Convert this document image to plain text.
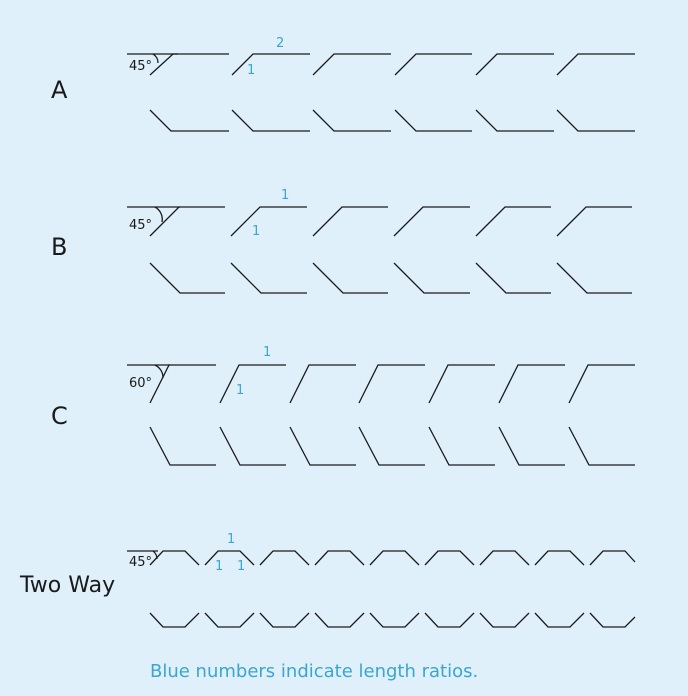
45°
2
1
45°
1
1
60°
1
1
45°
1
1 1
A
B
C
Two Way
Blue numbers indicate length ratios.
